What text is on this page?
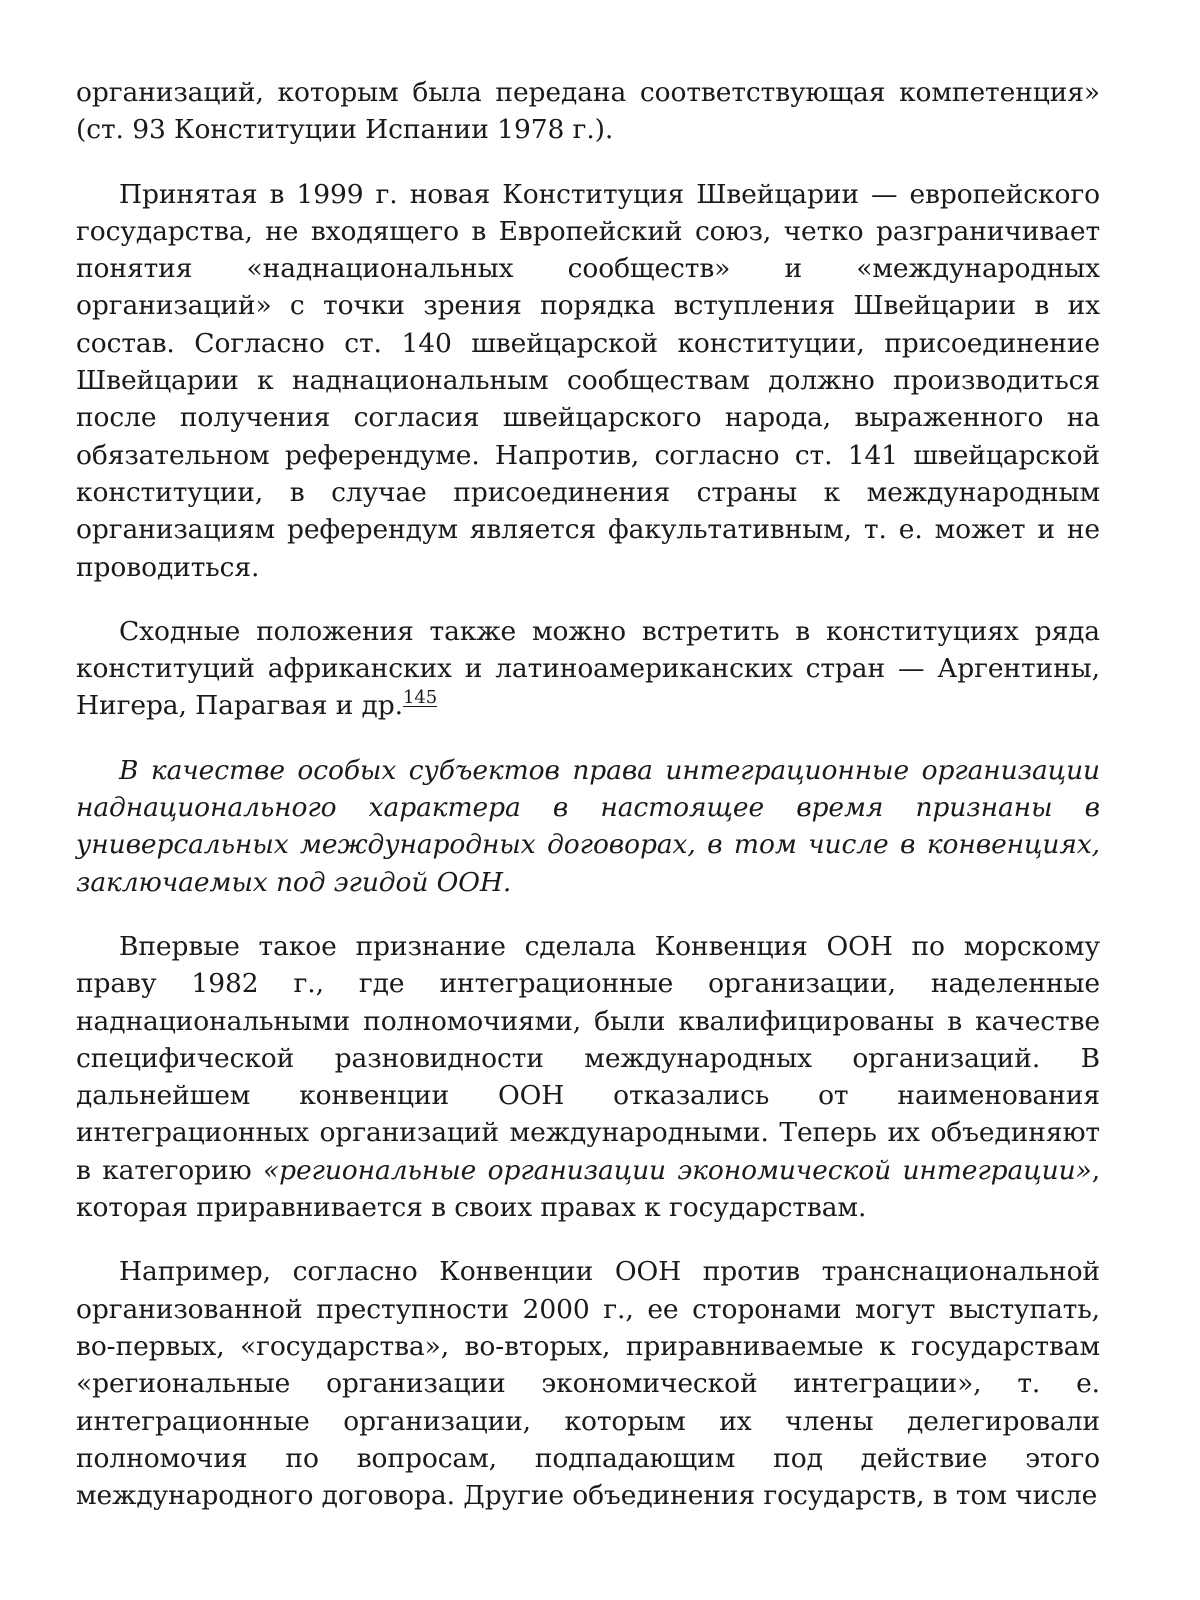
организаций, которым была передана соответствующая компетенция» (ст. 93 Конституции Испании 1978 г.).

Принятая в 1999 г. новая Конституция Швейцарии — европейского государства, не входящего в Европейский союз, четко разграничивает понятия «наднациональных сообществ» и «международных организаций» с точки зрения порядка вступления Швейцарии в их состав. Согласно ст. 140 швейцарской конституции, присоединение Швейцарии к наднациональным сообществам должно производиться после получения согласия швейцарского народа, выраженного на обязательном референдуме. Напротив, согласно ст. 141 швейцарской конституции, в случае присоединения страны к международным организациям референдум является факультативным, т. е. может и не проводиться.

Сходные положения также можно встретить в конституциях ряда конституций африканских и латиноамериканских стран — Аргентины, Нигера, Парагвая и др.$^{145}$

В качестве особых субъектов права интеграционные организации наднационального характера в настоящее время признаны в универсальных международных договорах, в том числе в конвенциях, заключаемых под эгидой ООН.

Впервые такое признание сделала Конвенция ООН по морскому праву 1982 г., где интеграционные организации, наделенные наднациональными полномочиями, были квалифицированы в качестве специфической разновидности международных организаций. В дальнейшем конвенции ООН отказались от наименования интеграционных организаций международными. Теперь их объединяют в категорию «региональные организации экономической интеграции», которая приравнивается в своих правах к государствам.

Например, согласно Конвенции ООН против транснациональной организованной преступности 2000 г., ее сторонами могут выступать, во-первых, «государства», во-вторых, приравниваемые к государствам «региональные организации экономической интеграции», т. е. интеграционные организации, которым их члены делегировали полномочия по вопросам, подпадающим под действие этого международного договора. Другие объединения государств, в том числе
